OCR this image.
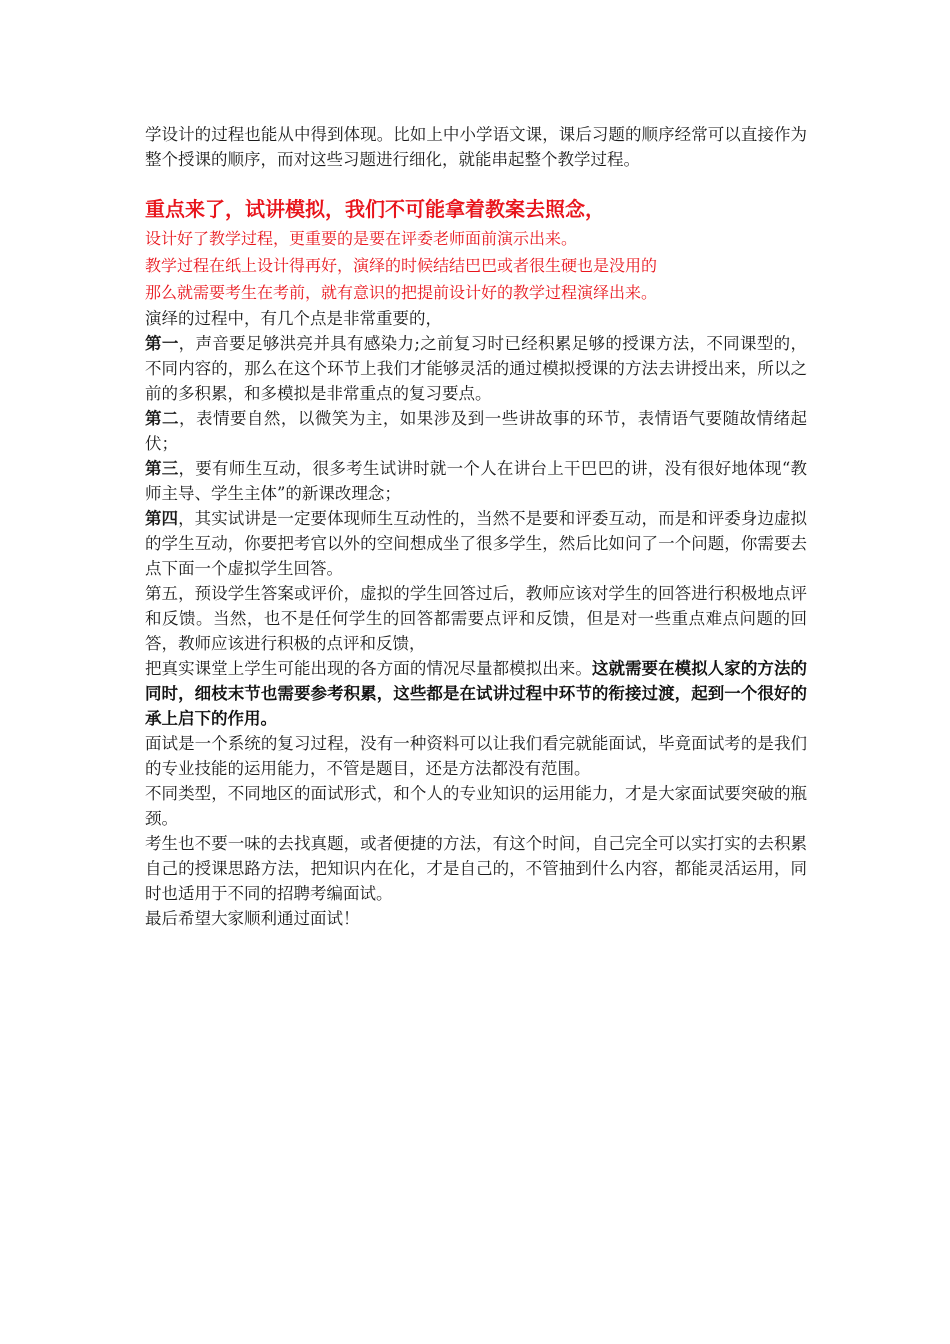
学设计的过程也能从中得到体现。比如上中小学语文课，课后习题的顺序经常可以直接作为整个授课的顺序，而对这些习题进行细化，就能串起整个教学过程。

重点来了，试讲模拟，我们不可能拿着教案去照念，

设计好了教学过程，更重要的是要在评委老师面前演示出来。

教学过程在纸上设计得再好，演绎的时候结结巴巴或者很生硬也是没用的

那么就需要考生在考前，就有意识的把提前设计好的教学过程演绎出来。

演绎的过程中，有几个点是非常重要的，

第一，声音要足够洪亮并具有感染力;之前复习时已经积累足够的授课方法，不同课型的，不同内容的，那么在这个环节上我们才能够灵活的通过模拟授课的方法去讲授出来，所以之前的多积累，和多模拟是非常重点的复习要点。

第二，表情要自然，以微笑为主，如果涉及到一些讲故事的环节，表情语气要随故情绪起伏；

第三，要有师生互动，很多考生试讲时就一个人在讲台上干巴巴的讲，没有很好地体现“教师主导、学生主体”的新课改理念；

第四，其实试讲是一定要体现师生互动性的，当然不是要和评委互动，而是和评委身边虚拟的学生互动，你要把考官以外的空间想成坐了很多学生，然后比如问了一个问题，你需要去点下面一个虚拟学生回答。

第五，预设学生答案或评价，虚拟的学生回答过后，教师应该对学生的回答进行积极地点评和反馈。当然，也不是任何学生的回答都需要点评和反馈，但是对一些重点难点问题的回答，教师应该进行积极的点评和反馈，

把真实课堂上学生可能出现的各方面的情况尽量都模拟出来。这就需要在模拟人家的方法的同时，细枝末节也需要参考积累，这些都是在试讲过程中环节的衔接过渡，起到一个很好的承上启下的作用。

面试是一个系统的复习过程，没有一种资料可以让我们看完就能面试，毕竟面试考的是我们的专业技能的运用能力，不管是题目，还是方法都没有范围。

不同类型，不同地区的面试形式，和个人的专业知识的运用能力，才是大家面试要突破的瓶颈。

考生也不要一味的去找真题，或者便捷的方法，有这个时间，自己完全可以实打实的去积累自己的授课思路方法，把知识内在化，才是自己的，不管抽到什么内容，都能灵活运用，同时也适用于不同的招聘考编面试。

最后希望大家顺利通过面试！
